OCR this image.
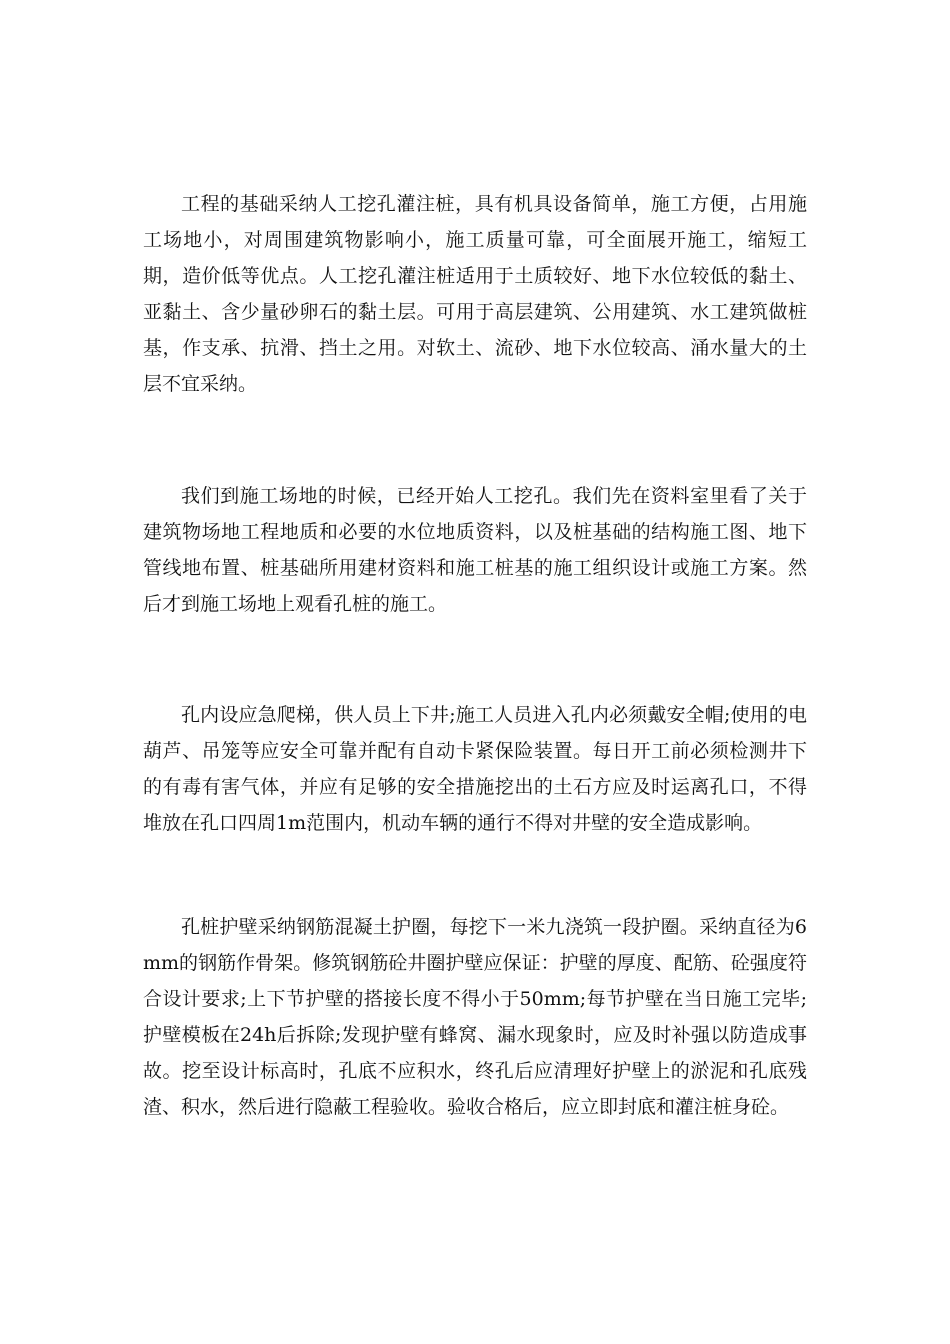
工程的基础采纳人工挖孔灌注桩，具有机具设备简单，施工方便，占用施工场地小，对周围建筑物影响小，施工质量可靠，可全面展开施工，缩短工期，造价低等优点。人工挖孔灌注桩适用于土质较好、地下水位较低的黏土、亚黏土、含少量砂卵石的黏土层。可用于高层建筑、公用建筑、水工建筑做桩基，作支承、抗滑、挡土之用。对软土、流砂、地下水位较高、涌水量大的土层不宜采纳。

我们到施工场地的时候，已经开始人工挖孔。我们先在资料室里看了关于建筑物场地工程地质和必要的水位地质资料，以及桩基础的结构施工图、地下管线地布置、桩基础所用建材资料和施工桩基的施工组织设计或施工方案。然后才到施工场地上观看孔桩的施工。

孔内设应急爬梯，供人员上下井;施工人员进入孔内必须戴安全帽;使用的电葫芦、吊笼等应安全可靠并配有自动卡紧保险装置。每日开工前必须检测井下的有毒有害气体，并应有足够的安全措施挖出的土石方应及时运离孔口，不得堆放在孔口四周1m范围内，机动车辆的通行不得对井壁的安全造成影响。

孔桩护壁采纳钢筋混凝土护圈，每挖下一米九浇筑一段护圈。采纳直径为6mm的钢筋作骨架。修筑钢筋砼井圈护壁应保证：护壁的厚度、配筋、砼强度符合设计要求;上下节护壁的搭接长度不得小于50mm;每节护壁在当日施工完毕;护壁模板在24h后拆除;发现护壁有蜂窝、漏水现象时，应及时补强以防造成事故。挖至设计标高时，孔底不应积水，终孔后应清理好护壁上的淤泥和孔底残渣、积水，然后进行隐蔽工程验收。验收合格后，应立即封底和灌注桩身砼。
